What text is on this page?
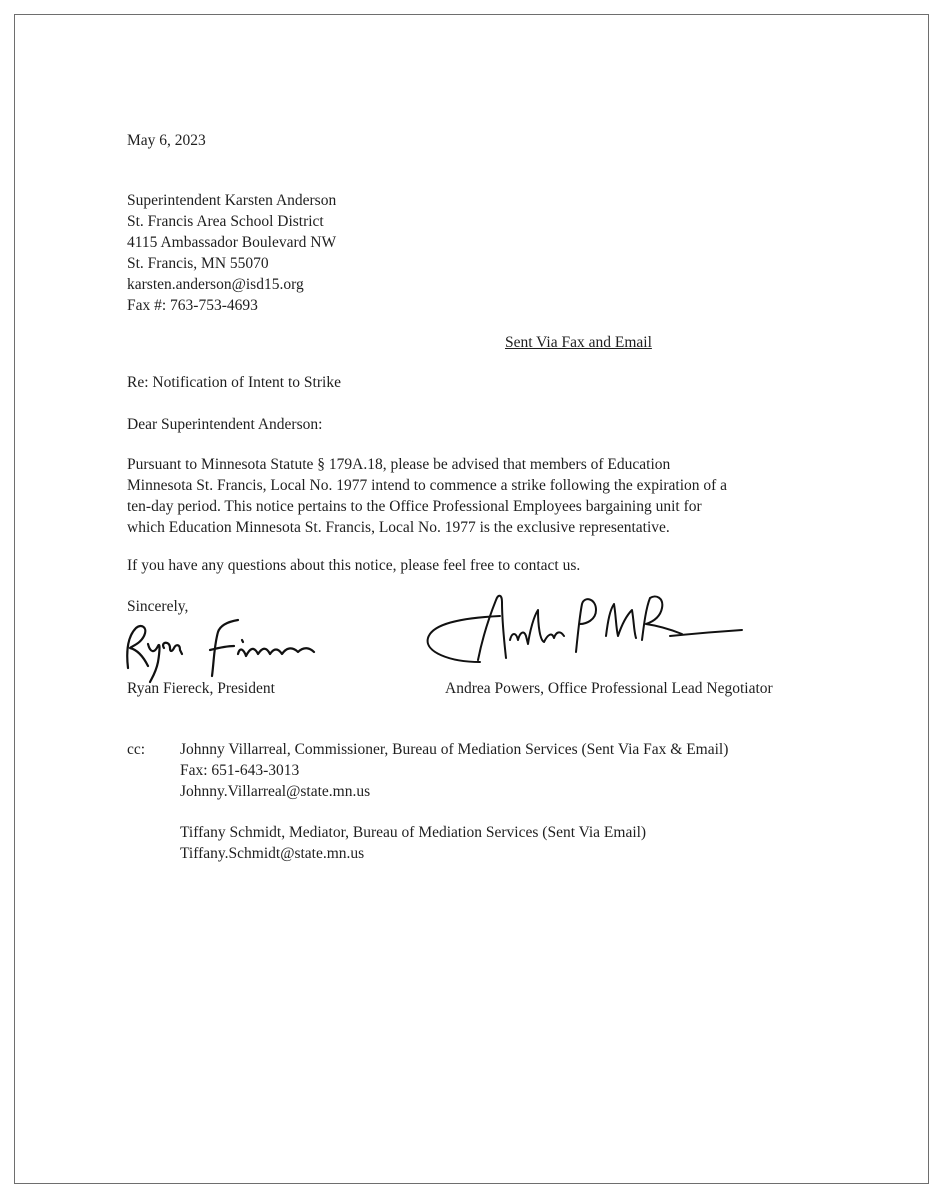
May 6, 2023
Superintendent Karsten Anderson
St. Francis Area School District
4115 Ambassador Boulevard NW
St. Francis, MN 55070
karsten.anderson@isd15.org
Fax #: 763-753-4693
Sent Via Fax and Email
Re: Notification of Intent to Strike
Dear Superintendent Anderson:
Pursuant to Minnesota Statute § 179A.18, please be advised that members of Education
Minnesota St. Francis, Local No. 1977 intend to commence a strike following the expiration of a
ten-day period. This notice pertains to the Office Professional Employees bargaining unit for
which Education Minnesota St. Francis, Local No. 1977 is the exclusive representative.
If you have any questions about this notice, please feel free to contact us.
Sincerely,
Ryan Fiereck, President	Andrea Powers, Office Professional Lead Negotiator
cc: Johnny Villarreal, Commissioner, Bureau of Mediation Services (Sent Via Fax & Email)
Fax: 651-643-3013
Johnny.Villarreal@state.mn.us
Tiffany Schmidt, Mediator, Bureau of Mediation Services (Sent Via Email)
Tiffany.Schmidt@state.mn.us
